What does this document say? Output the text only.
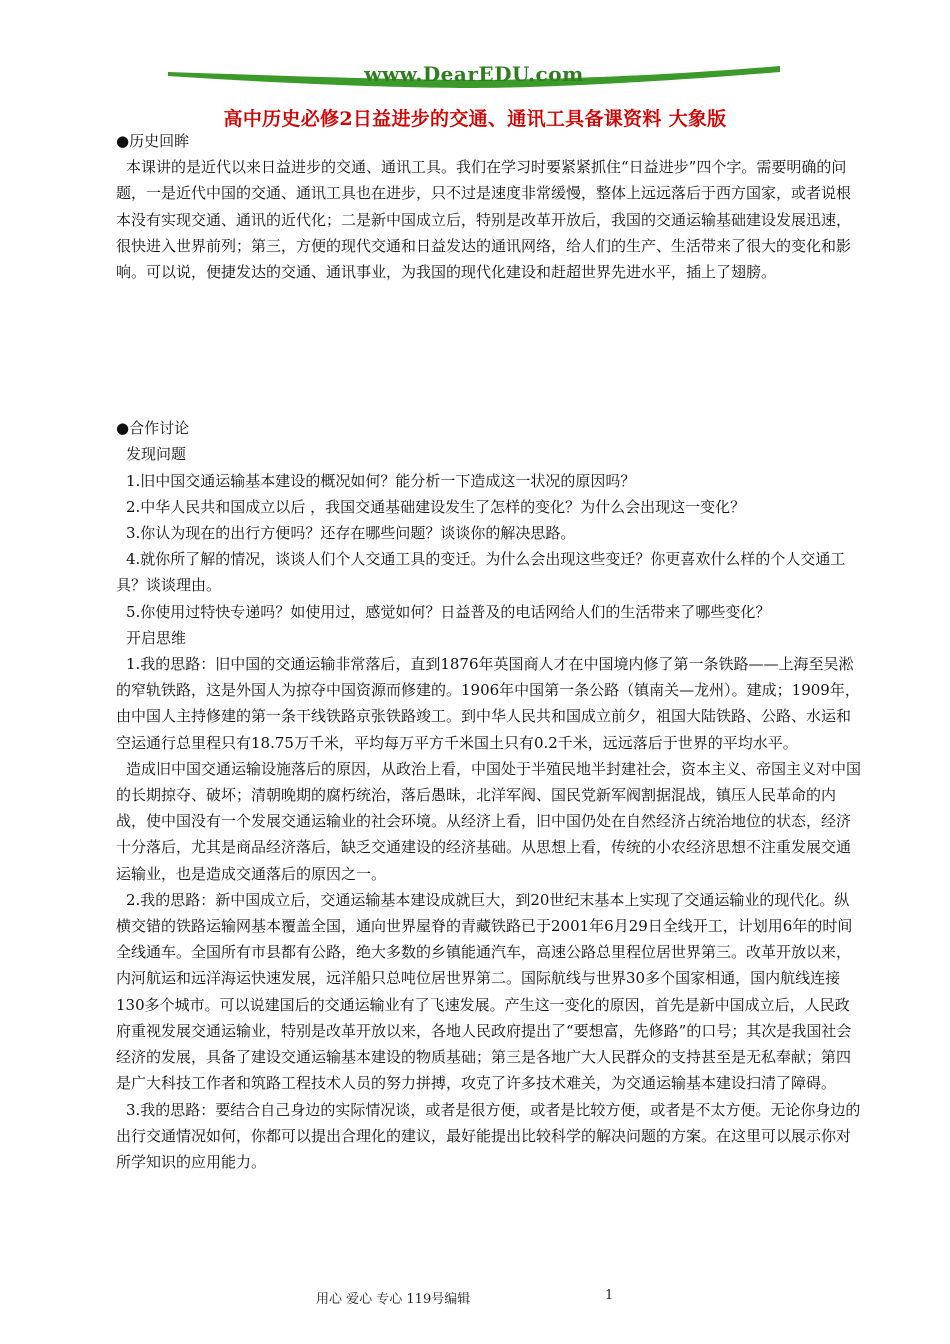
www.DearEDU.com
高中历史必修2日益进步的交通、通讯工具备课资料 大象版

●历史回眸

本课讲的是近代以来日益进步的交通、通讯工具。我们在学习时要紧紧抓住“日益进步”四个字。需要明确的问题，一是近代中国的交通、通讯工具也在进步，只不过是速度非常缓慢，整体上远远落后于西方国家，或者说根本没有实现交通、通讯的近代化；二是新中国成立后，特别是改革开放后，我国的交通运输基础建设发展迅速，很快进入世界前列；第三，方便的现代交通和日益发达的通讯网络，给人们的生产、生活带来了很大的变化和影响。可以说，便捷发达的交通、通讯事业，为我国的现代化建设和赶超世界先进水平，插上了翅膀。

●合作讨论

发现问题

1.旧中国交通运输基本建设的概况如何？能分析一下造成这一状况的原因吗？

2.中华人民共和国成立以后 ，我国交通基础建设发生了怎样的变化？为什么会出现这一变化？

3.你认为现在的出行方便吗？还存在哪些问题？谈谈你的解决思路。

4.就你所了解的情况，谈谈人们个人交通工具的变迁。为什么会出现这些变迁？你更喜欢什么样的个人交通工具？谈谈理由。

5.你使用过特快专递吗？如使用过，感觉如何？日益普及的电话网给人们的生活带来了哪些变化？

开启思维

1.我的思路：旧中国的交通运输非常落后，直到1876年英国商人才在中国境内修了第一条铁路——上海至吴淞的窄轨铁路，这是外国人为掠夺中国资源而修建的。1906年中国第一条公路（镇南关—龙州）。建成；1909年，由中国人主持修建的第一条干线铁路京张铁路竣工。到中华人民共和国成立前夕，祖国大陆铁路、公路、水运和空运通行总里程只有18.75万千米，平均每万平方千米国土只有0.2千米，远远落后于世界的平均水平。

造成旧中国交通运输设施落后的原因，从政治上看，中国处于半殖民地半封建社会，资本主义、帝国主义对中国的长期掠夺、破坏；清朝晚期的腐朽统治，落后愚昧，北洋军阀、国民党新军阀割据混战，镇压人民革命的内战，使中国没有一个发展交通运输业的社会环境。从经济上看，旧中国仍处在自然经济占统治地位的状态，经济十分落后，尤其是商品经济落后，缺乏交通建设的经济基础。从思想上看，传统的小农经济思想不注重发展交通运输业，也是造成交通落后的原因之一。

2.我的思路：新中国成立后，交通运输基本建设成就巨大，到20世纪末基本上实现了交通运输业的现代化。纵横交错的铁路运输网基本覆盖全国，通向世界屋脊的青藏铁路已于2001年6月29日全线开工，计划用6年的时间全线通车。全国所有市县都有公路，绝大多数的乡镇能通汽车，高速公路总里程位居世界第三。改革开放以来，内河航运和远洋海运快速发展，远洋船只总吨位居世界第二。国际航线与世界30多个国家相通，国内航线连接130多个城市。可以说建国后的交通运输业有了飞速发展。产生这一变化的原因，首先是新中国成立后，人民政府重视发展交通运输业，特别是改革开放以来，各地人民政府提出了“要想富，先修路”的口号；其次是我国社会经济的发展，具备了建设交通运输基本建设的物质基础；第三是各地广大人民群众的支持甚至是无私奉献；第四是广大科技工作者和筑路工程技术人员的努力拼搏，攻克了许多技术难关，为交通运输基本建设扫清了障碍。

3.我的思路：要结合自己身边的实际情况谈，或者是很方便，或者是比较方便，或者是不太方便。无论你身边的出行交通情况如何，你都可以提出合理化的建议，最好能提出比较科学的解决问题的方案。在这里可以展示你对所学知识的应用能力。

用心 爱心 专心 119号编辑	1
